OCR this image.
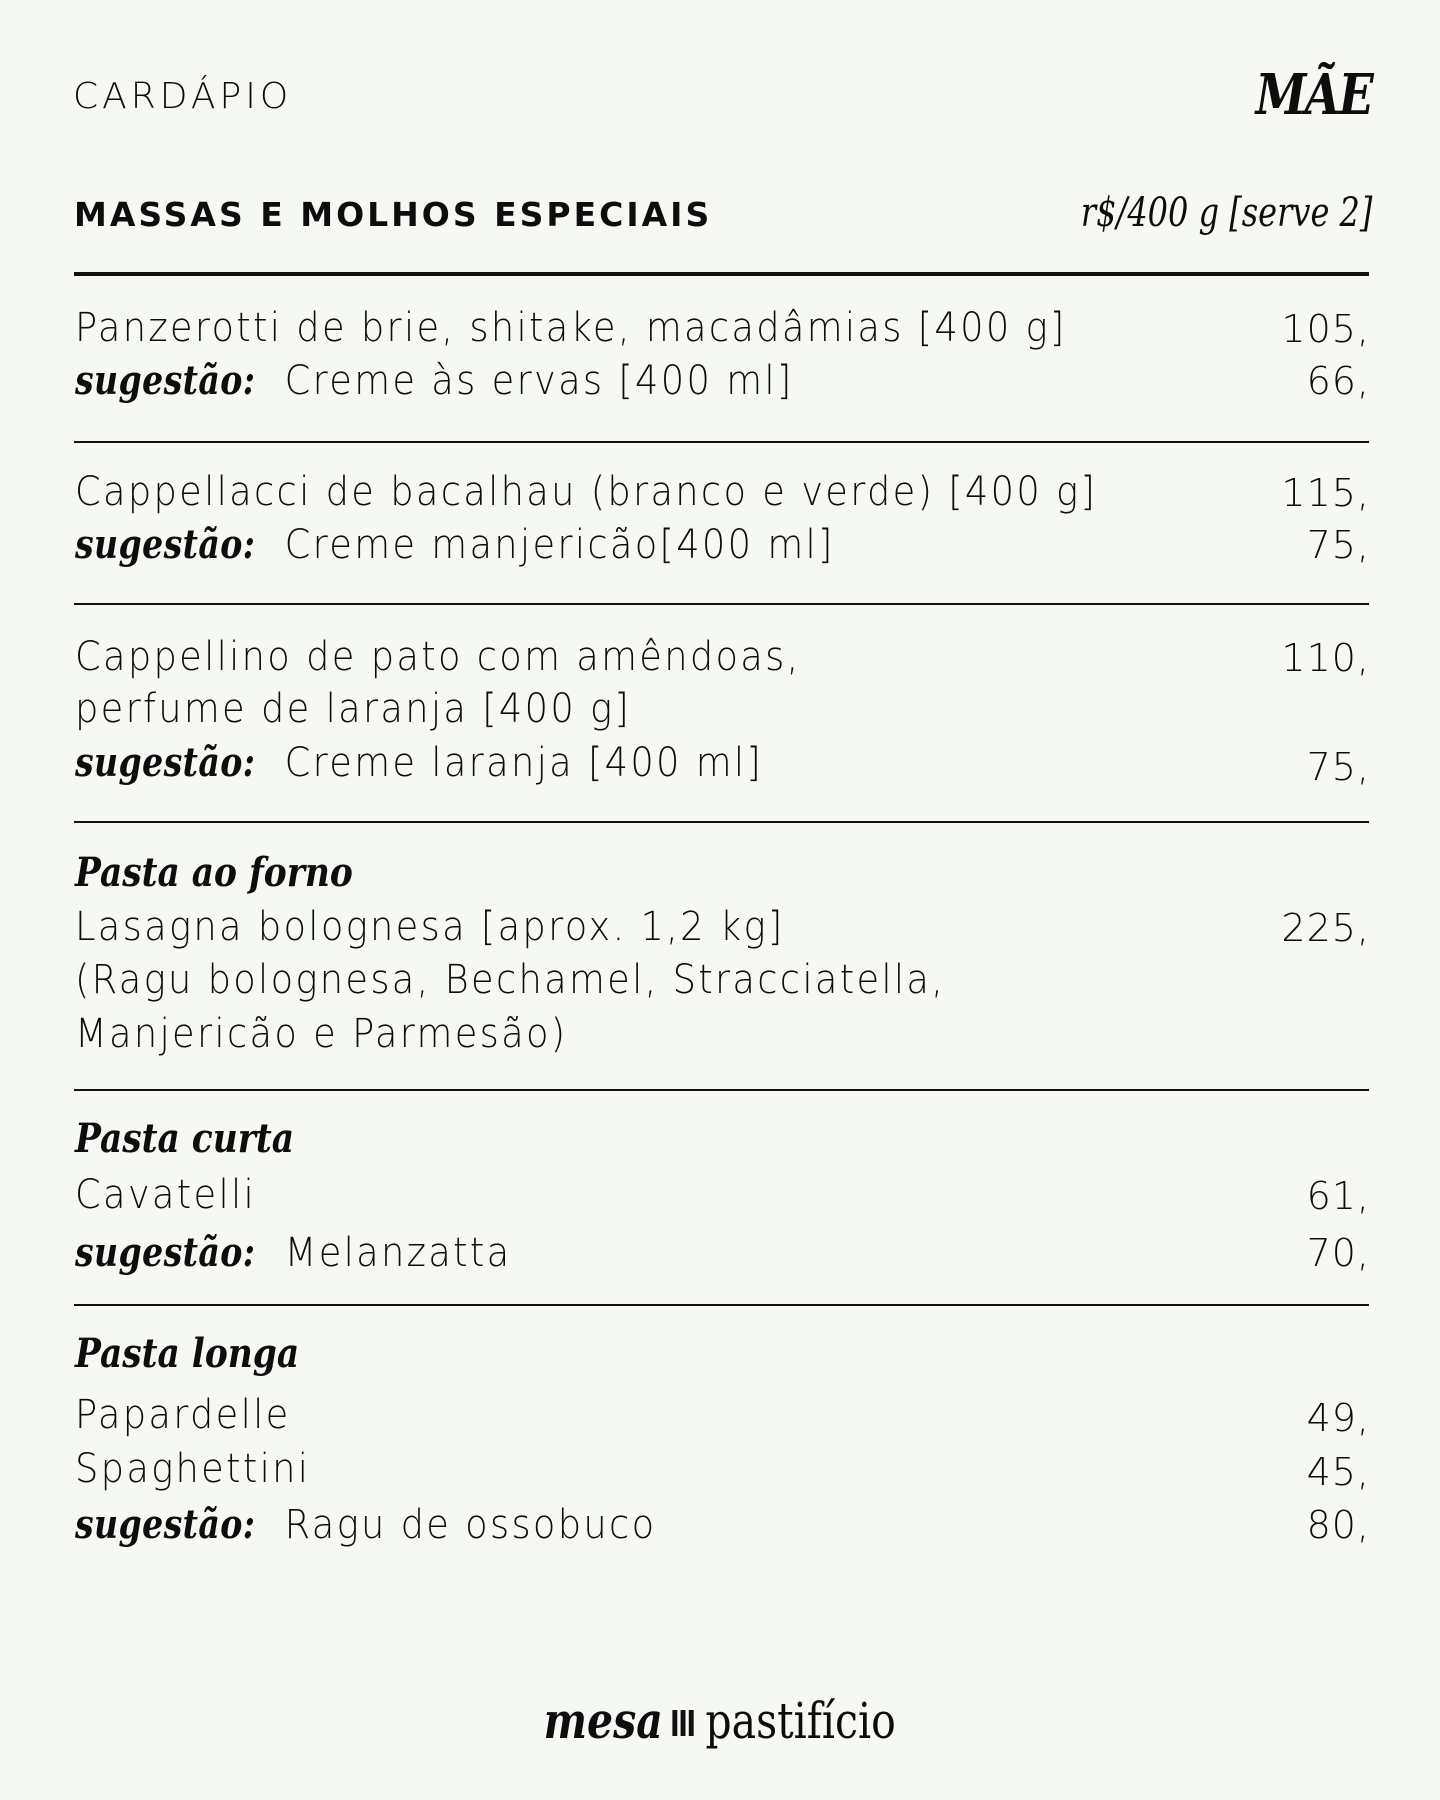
CARDÁPIO	MÃE
MASSAS E MOLHOS ESPECIAIS	r$/400 g [serve 2]
Panzerotti de brie, shitake, macadâmias [400 g]	105,
sugestão: Creme às ervas [400 ml]	66,
Cappellacci de bacalhau (branco e verde) [400 g]	115,
sugestão: Creme manjericão[400 ml]	75,
Cappellino de pato com amêndoas,	110,
perfume de laranja [400 g]
sugestão: Creme laranja [400 ml]	75,
Pasta ao forno
Lasagna bolognesa [aprox. 1,2 kg]	225,
(Ragu bolognesa, Bechamel, Stracciatella,
Manjericão e Parmesão)
Pasta curta
Cavatelli	61,
sugestão: Melanzatta	70,
Pasta longa
Papardelle	49,
Spaghettini	45,
sugestão: Ragu de ossobuco	80,
mesa pastifício
